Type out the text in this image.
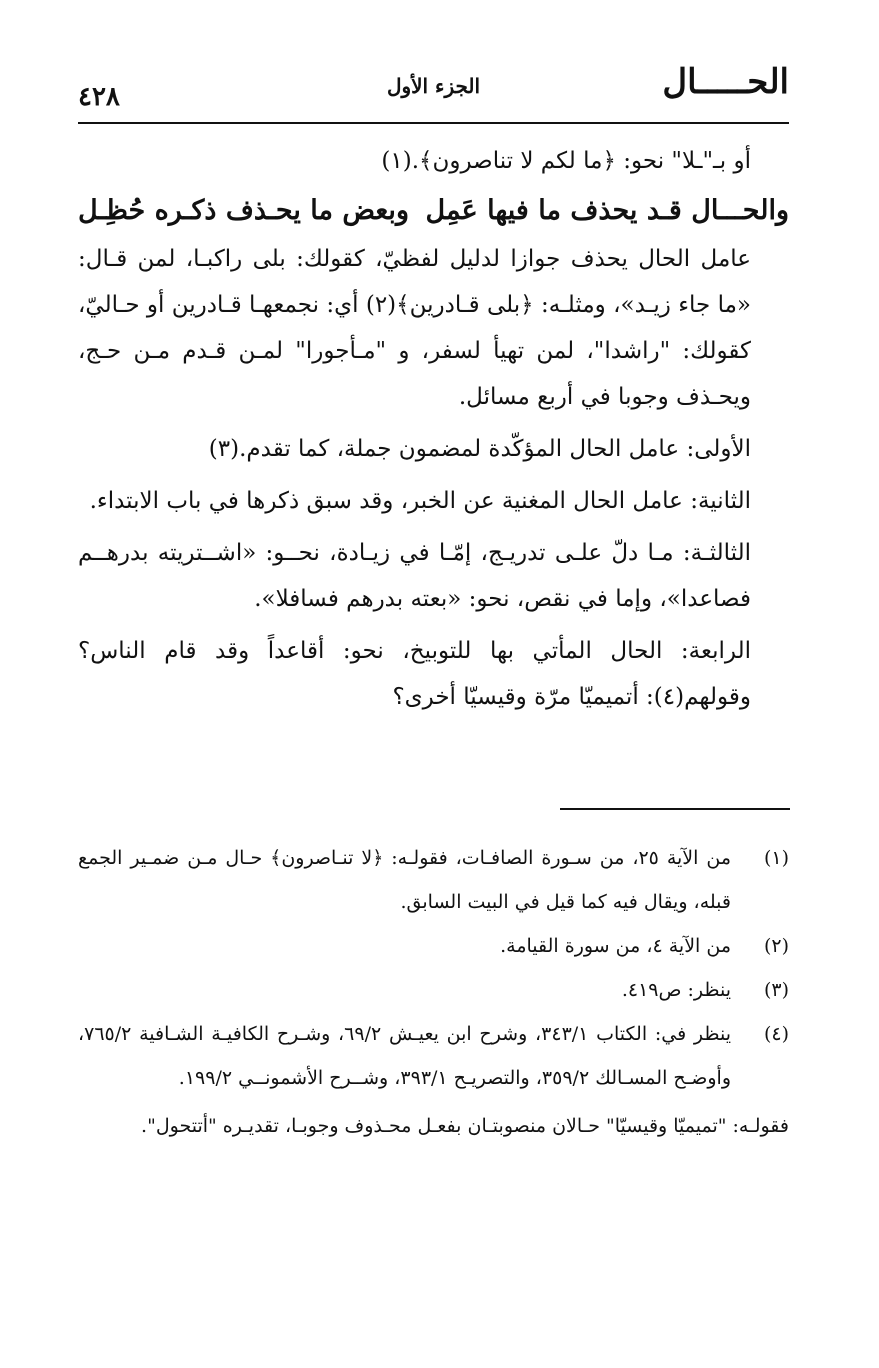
الحـــــال
الجزء الأول
٤٢٨

أو بـ"ـلا" نحو: ﴿ما لكم لا تناصرون﴾.(١)

والحـــال قـد يحذف ما فيها عَمِل
وبعض ما يحـذف ذكـره حُظِـل

عامل الحال يحذف جوازا لدليل لفظيّ، كقولك: بلى راكبـا، لمن قـال: «ما جاء زيـد»، ومثلـه: ﴿بلى قـادرين﴾(٢) أي: نجمعهـا قـادرين أو حـاليّ، كقولك: "راشدا"، لمن تهيأ لسفر، و "مـأجورا" لمـن قـدم مـن حـج، ويحـذف وجوبا في أربع مسائل.

الأولى: عامل الحال المؤكّدة لمضمون جملة، كما تقدم.(٣)

الثانية: عامل الحال المغنية عن الخبر، وقد سبق ذكرها في باب الابتداء.

الثالثـة: مـا دلّ علـى تدريـج، إمّـا في زيـادة، نحــو: «اشــتريته بدرهــم فصاعدا»، وإما في نقص، نحو: «بعته بدرهم فسافلا».

الرابعة: الحال المأتي بها للتوبيخ، نحو: أقاعداً وقد قام الناس؟ وقولهم(٤): أتميميّا مرّة وقيسيّا أخرى؟

(١)
من الآية ٢٥، من سـورة الصافـات، فقولـه: ﴿لا تنـاصرون﴾ حـال مـن ضمـير الجمع قبله، ويقال فيه كما قيل في البيت السابق.
(٢)
من الآية ٤، من سورة القيامة.
(٣)
ينظر: ص٤١٩.
(٤)
ينظر في: الكتاب ٣٤٣/١، وشرح ابن يعيـش ٦٩/٢، وشـرح الكافيـة الشـافية ٧٦٥/٢، وأوضـح المسـالك ٣٥٩/٢، والتصريـح ٣٩٣/١، وشــرح الأشمونــي ١٩٩/٢.

فقولـه: "تميميّا وقيسيّا" حـالان منصوبتـان بفعـل محـذوف وجوبـا، تقديـره "أتتحول".
